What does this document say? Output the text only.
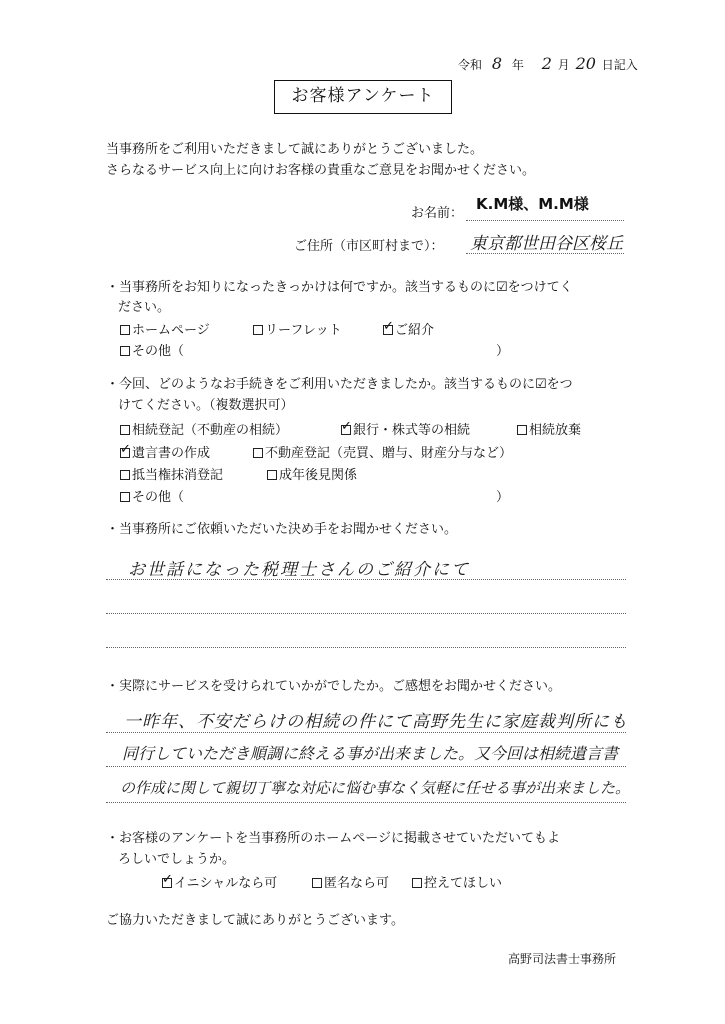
令和 8 年 2 月 20 日記入
お客様アンケート
当事務所をご利用いただきまして誠にありがとうございました。
さらなるサービス向上に向けお客様の貴重なご意見をお聞かせください。
お名前：
K.M様、M.M様
ご住所（市区町村まで）： 東京都世田谷区桜丘
・当事務所をお知りになったきっかけは何ですか。該当するものに☑をつけてく
ださい。
ホームページ	リーフレット ✓	ご紹介
その他（	）
・今回、どのようなお手続きをご利用いただきましたか。該当するものに☑をつ
けてください。（複数選択可）
相続登記（不動産の相続） ✓	銀行・株式等の相続	相続放棄
✓遺言書の作成	不動産登記（売買、贈与、財産分与など）
抵当権抹消登記	成年後見関係
その他（	）
・当事務所にご依頼いただいた決め手をお聞かせください。
お世話になった税理士さんのご紹介にて
・実際にサービスを受けられていかがでしたか。ご感想をお聞かせください。
一昨年、不安だらけの相続の件にて高野先生に家庭裁判所にも
同行していただき順調に終える事が出来ました。又今回は相続遺言書
の作成に関して親切丁寧な対応に悩む事なく気軽に任せる事が出来ました。
・お客様のアンケートを当事務所のホームページに掲載させていただいてもよ
ろしいでしょうか。
✓イニシャルなら可	匿名なら可	控えてほしい
ご協力いただきまして誠にありがとうございます。
高野司法書士事務所
